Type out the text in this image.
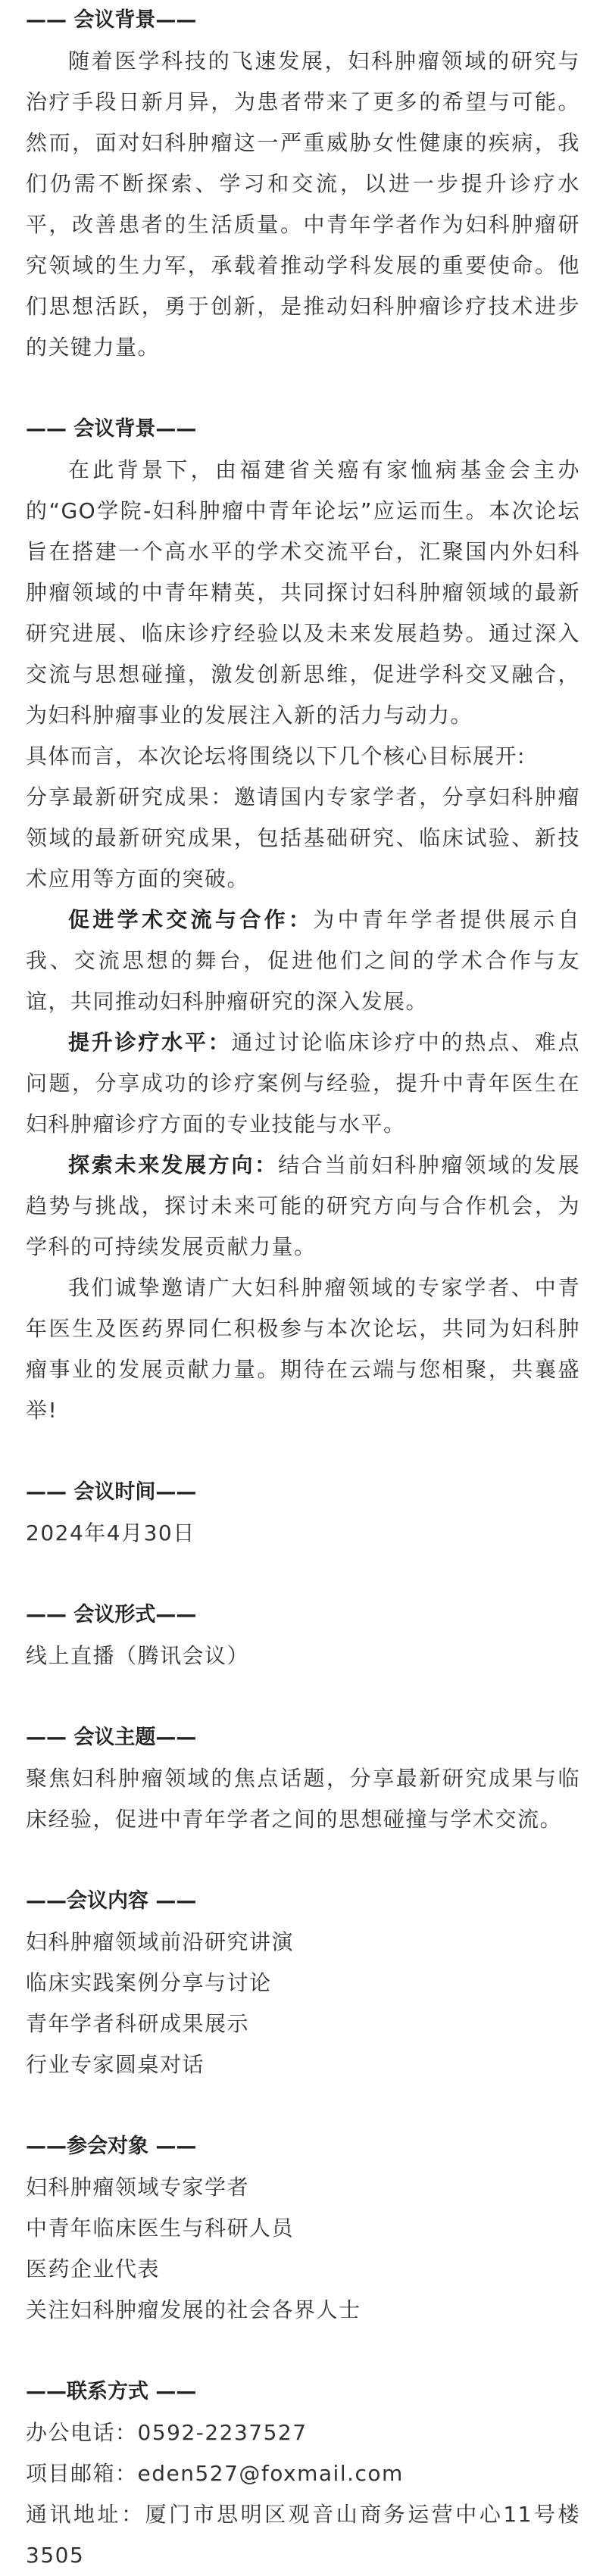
—— 会议背景——

随着医学科技的飞速发展，妇科肿瘤领域的研究与治疗手段日新月异，为患者带来了更多的希望与可能。然而，面对妇科肿瘤这一严重威胁女性健康的疾病，我们仍需不断探索、学习和交流，以进一步提升诊疗水平，改善患者的生活质量。中青年学者作为妇科肿瘤研究领域的生力军，承载着推动学科发展的重要使命。他们思想活跃，勇于创新，是推动妇科肿瘤诊疗技术进步的关键力量。

—— 会议背景——

在此背景下，由福建省关癌有家恤病基金会主办的“GO学院-妇科肿瘤中青年论坛”应运而生。本次论坛旨在搭建一个高水平的学术交流平台，汇聚国内外妇科肿瘤领域的中青年精英，共同探讨妇科肿瘤领域的最新研究进展、临床诊疗经验以及未来发展趋势。通过深入交流与思想碰撞，激发创新思维，促进学科交叉融合，为妇科肿瘤事业的发展注入新的活力与动力。

具体而言，本次论坛将围绕以下几个核心目标展开:

分享最新研究成果：邀请国内专家学者，分享妇科肿瘤领域的最新研究成果，包括基础研究、临床试验、新技术应用等方面的突破。

促进学术交流与合作：为中青年学者提供展示自我、交流思想的舞台，促进他们之间的学术合作与友谊，共同推动妇科肿瘤研究的深入发展。

提升诊疗水平：通过讨论临床诊疗中的热点、难点问题，分享成功的诊疗案例与经验，提升中青年医生在妇科肿瘤诊疗方面的专业技能与水平。

探索未来发展方向：结合当前妇科肿瘤领域的发展趋势与挑战，探讨未来可能的研究方向与合作机会，为学科的可持续发展贡献力量。

我们诚挚邀请广大妇科肿瘤领域的专家学者、中青年医生及医药界同仁积极参与本次论坛，共同为妇科肿瘤事业的发展贡献力量。期待在云端与您相聚，共襄盛举!

—— 会议时间——

2024年4月30日

—— 会议形式——

线上直播（腾讯会议）

—— 会议主题——

聚焦妇科肿瘤领域的焦点话题，分享最新研究成果与临床经验，促进中青年学者之间的思想碰撞与学术交流。

——会议内容 ——

妇科肿瘤领域前沿研究讲演

临床实践案例分享与讨论

青年学者科研成果展示

行业专家圆桌对话

——参会对象 ——

妇科肿瘤领域专家学者

中青年临床医生与科研人员

医药企业代表

关注妇科肿瘤发展的社会各界人士

——联系方式 ——

办公电话：0592-2237527

项目邮箱：eden527@foxmail.com

通讯地址：厦门市思明区观音山商务运营中心11号楼3505
